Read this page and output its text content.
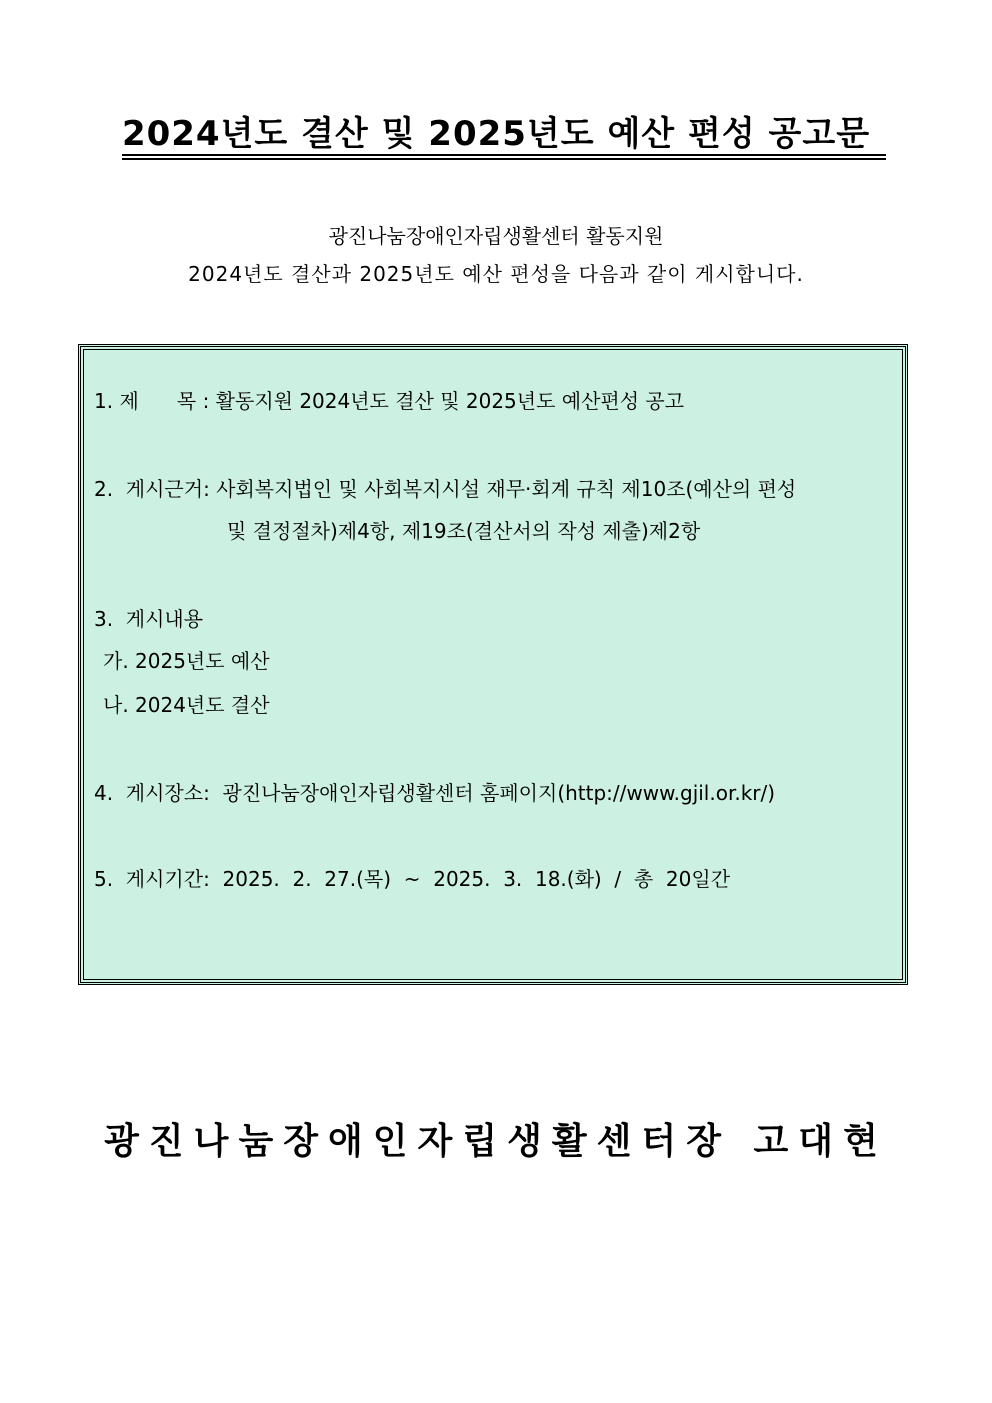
2024년도 결산 및 2025년도 예산 편성 공고문
광진나눔장애인자립생활센터 활동지원
2024년도 결산과 2025년도 예산 편성을 다음과 같이 게시합니다.
1. 제      목 : 활동지원 2024년도 결산 및 2025년도 예산편성 공고
2.  게시근거: 사회복지법인 및 사회복지시설 재무·회계 규칙 제10조(예산의 편성
및 결정절차)제4항, 제19조(결산서의 작성 제출)제2항
3.  게시내용
가. 2025년도 예산
나. 2024년도 결산
4.  게시장소:  광진나눔장애인자립생활센터 홈페이지(http://www.gjil.or.kr/)
5.  게시기간:  2025.  2.  27.(목)  ~  2025.  3.  18.(화)  /  총  20일간
광진나눔장애인자립생활센터장 고대현
